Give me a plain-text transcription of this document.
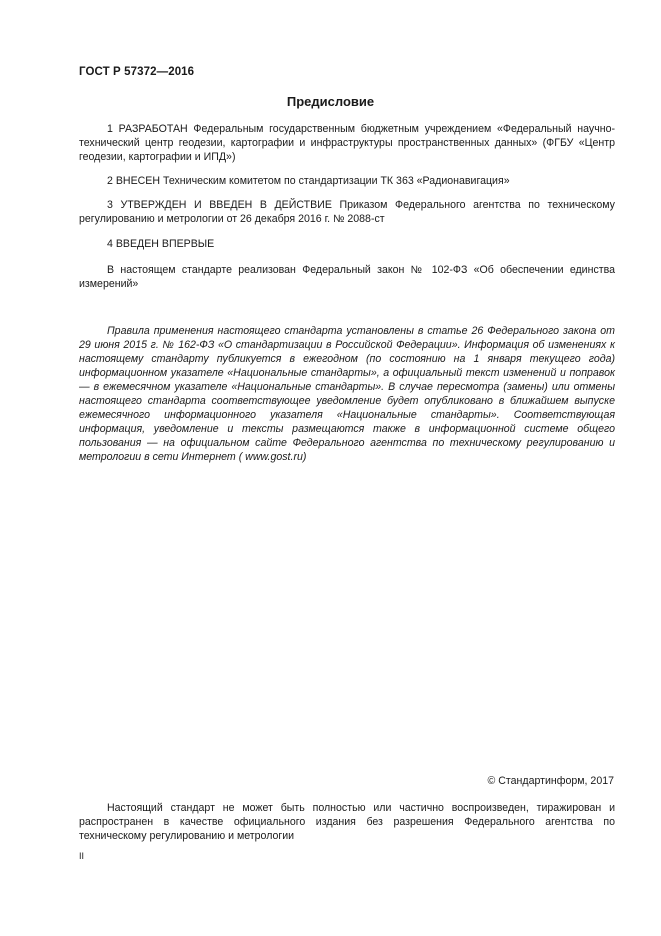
ГОСТ Р 57372—2016
Предисловие
1 РАЗРАБОТАН Федеральным государственным бюджетным учреждением «Федеральный научно-технический центр геодезии, картографии и инфраструктуры пространственных данных» (ФГБУ «Центр геодезии, картографии и ИПД»)
2 ВНЕСЕН Техническим комитетом по стандартизации ТК 363 «Радионавигация»
3 УТВЕРЖДЕН И ВВЕДЕН В ДЕЙСТВИЕ Приказом Федерального агентства по техническому регулированию и метрологии от 26 декабря 2016 г. № 2088-ст
4 ВВЕДЕН ВПЕРВЫЕ
В настоящем стандарте реализован Федеральный закон № 102-ФЗ «Об обеспечении единства измерений»
Правила применения настоящего стандарта установлены в статье 26 Федерального закона от 29 июня 2015 г. № 162-ФЗ «О стандартизации в Российской Федерации». Информация об изменениях к настоящему стандарту публикуется в ежегодном (по состоянию на 1 января текущего года) информационном указателе «Национальные стандарты», а официальный текст изменений и поправок — в ежемесячном указателе «Национальные стандарты». В случае пересмотра (замены) или отмены настоящего стандарта соответствующее уведомление будет опубликовано в ближайшем выпуске ежемесячного информационного указателя «Национальные стандарты». Соответствующая информация, уведомление и тексты размещаются также в информационной системе общего пользования — на официальном сайте Федерального агентства по техническому регулированию и метрологии в сети Интернет ( www.gost.ru)
© Стандартинформ, 2017
Настоящий стандарт не может быть полностью или частично воспроизведен, тиражирован и распространен в качестве официального издания без разрешения Федерального агентства по техническому регулированию и метрологии
II
